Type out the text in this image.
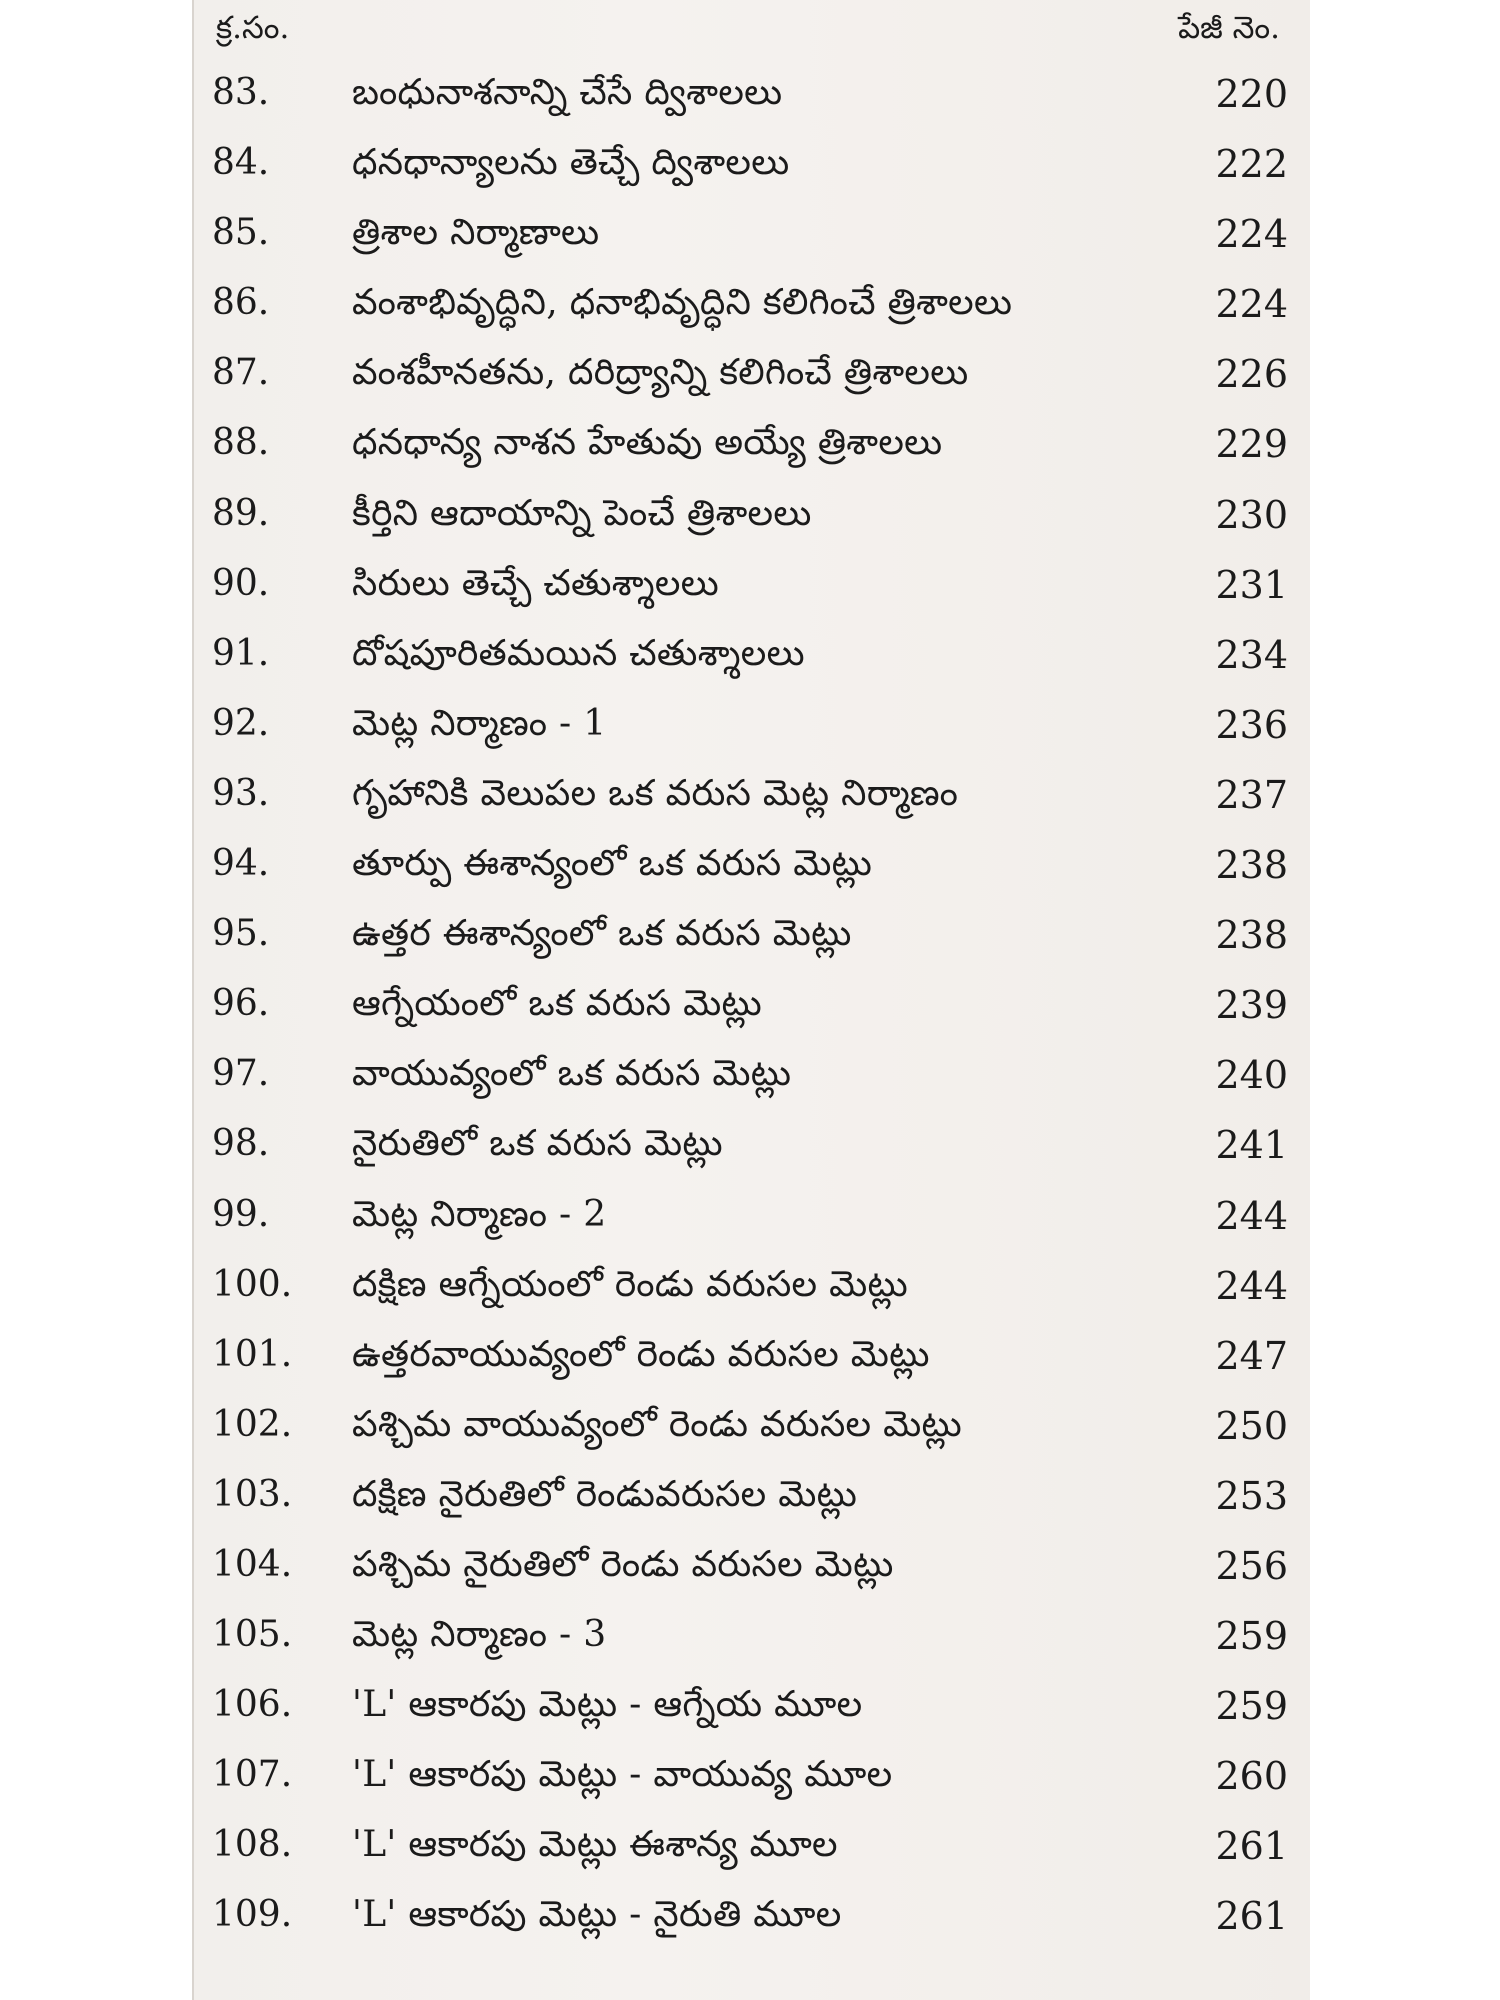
క్ర.సం.	పేజీ నెం.
83. బంధునాశనాన్ని చేసే ద్విశాలలు	220
84. ధనధాన్యాలను తెచ్చే ద్విశాలలు	222
85. త్రిశాల నిర్మాణాలు	224
86. వంశాభివృద్ధిని, ధనాభివృద్ధిని కలిగించే త్రిశాలలు	224
87. వంశహీనతను, దరిద్ర్యాన్ని కలిగించే త్రిశాలలు	226
88. ధనధాన్య నాశన హేతువు అయ్యే త్రిశాలలు	229
89. కీర్తిని ఆదాయాన్ని పెంచే త్రిశాలలు	230
90. సిరులు తెచ్చే చతుశ్శాలలు	231
91. దోషపూరితమయిన చతుశ్శాలలు	234
92. మెట్ల నిర్మాణం - 1	236
93. గృహానికి వెలుపల ఒక వరుస మెట్ల నిర్మాణం	237
94. తూర్పు ఈశాన్యంలో ఒక వరుస మెట్లు	238
95. ఉత్తర ఈశాన్యంలో ఒక వరుస మెట్లు	238
96. ఆగ్నేయంలో ఒక వరుస మెట్లు	239
97. వాయువ్యంలో ఒక వరుస మెట్లు	240
98. నైరుతిలో ఒక వరుస మెట్లు	241
99. మెట్ల నిర్మాణం - 2	244
100. దక్షిణ ఆగ్నేయంలో రెండు వరుసల మెట్లు	244
101. ఉత్తరవాయువ్యంలో రెండు వరుసల మెట్లు	247
102. పశ్చిమ వాయువ్యంలో రెండు వరుసల మెట్లు	250
103. దక్షిణ నైరుతిలో రెండువరుసల మెట్లు	253
104. పశ్చిమ నైరుతిలో రెండు వరుసల మెట్లు	256
105. మెట్ల నిర్మాణం - 3	259
106. 'L' ఆకారపు మెట్లు - ఆగ్నేయ మూల	259
107. 'L' ఆకారపు మెట్లు - వాయువ్య మూల	260
108. 'L' ఆకారపు మెట్లు ఈశాన్య మూల	261
109. 'L' ఆకారపు మెట్లు - నైరుతి మూల	261
